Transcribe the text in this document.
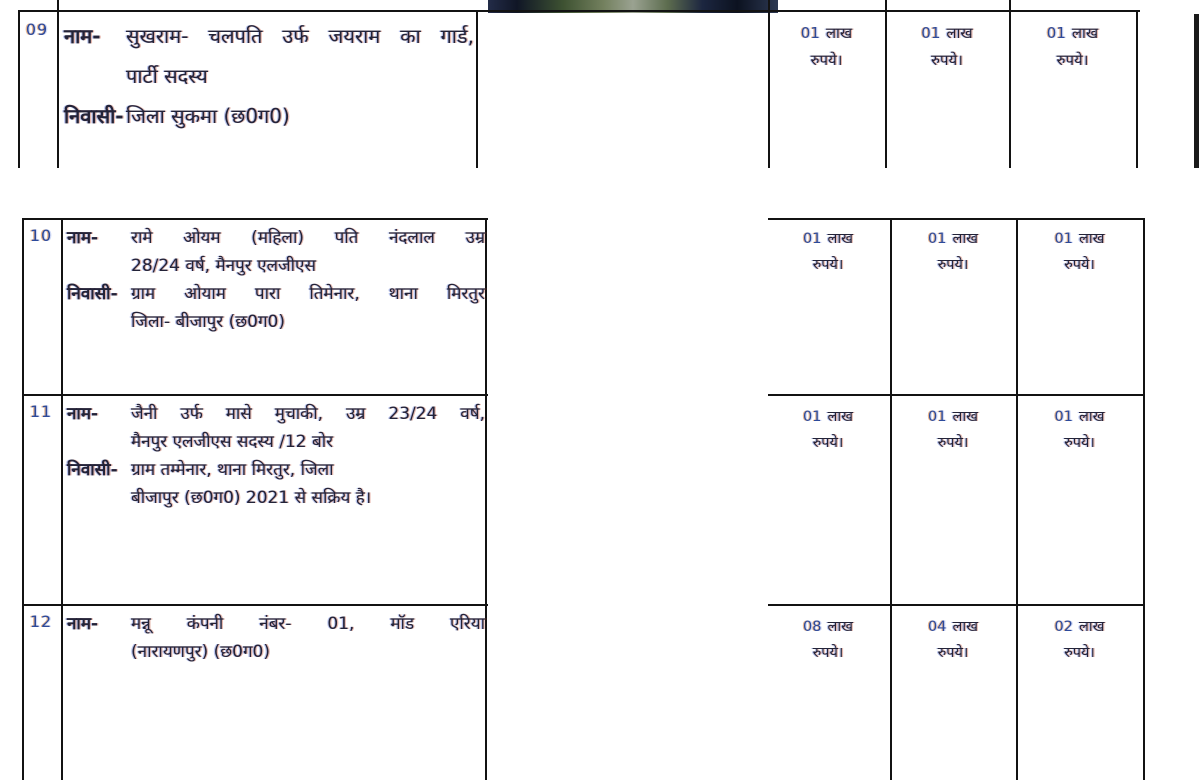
09 नाम-	सुखराम- चलपति उर्फ जयराम का गार्ड,
पार्टी सदस्य
निवासी- जिला सुकमा (छ0ग0)
01 लाख
रुपये।
01 लाख
रुपये।
01 लाख
रुपये।
10 नाम-	रामे ओयम (महिला) पति नंदलाल उम्र
28/24 वर्ष, मैनपुर एलजीएस
निवासी- ग्राम ओयाम पारा तिमेनार, थाना मिरतुर
जिला- बीजापुर (छ0ग0)
01 लाख
रुपये।
01 लाख
रुपये।
01 लाख
रुपये।
11 नाम-	जैनी उर्फ मासे मुचाकी, उम्र 23/24 वर्ष,
मैनपुर एलजीएस सदस्य /12 बोर
निवासी- ग्राम तम्मेनार, थाना मिरतुर, जिला
बीजापुर (छ0ग0) 2021 से सक्रिय है।
01 लाख
रुपये।
01 लाख
रुपये।
01 लाख
रुपये।
12 नाम-	मन्नू कंपनी नंबर- 01, मॉड एरिया
(नारायणपुर) (छ0ग0)
08 लाख
रुपये।
04 लाख
रुपये।
02 लाख
रुपये।
